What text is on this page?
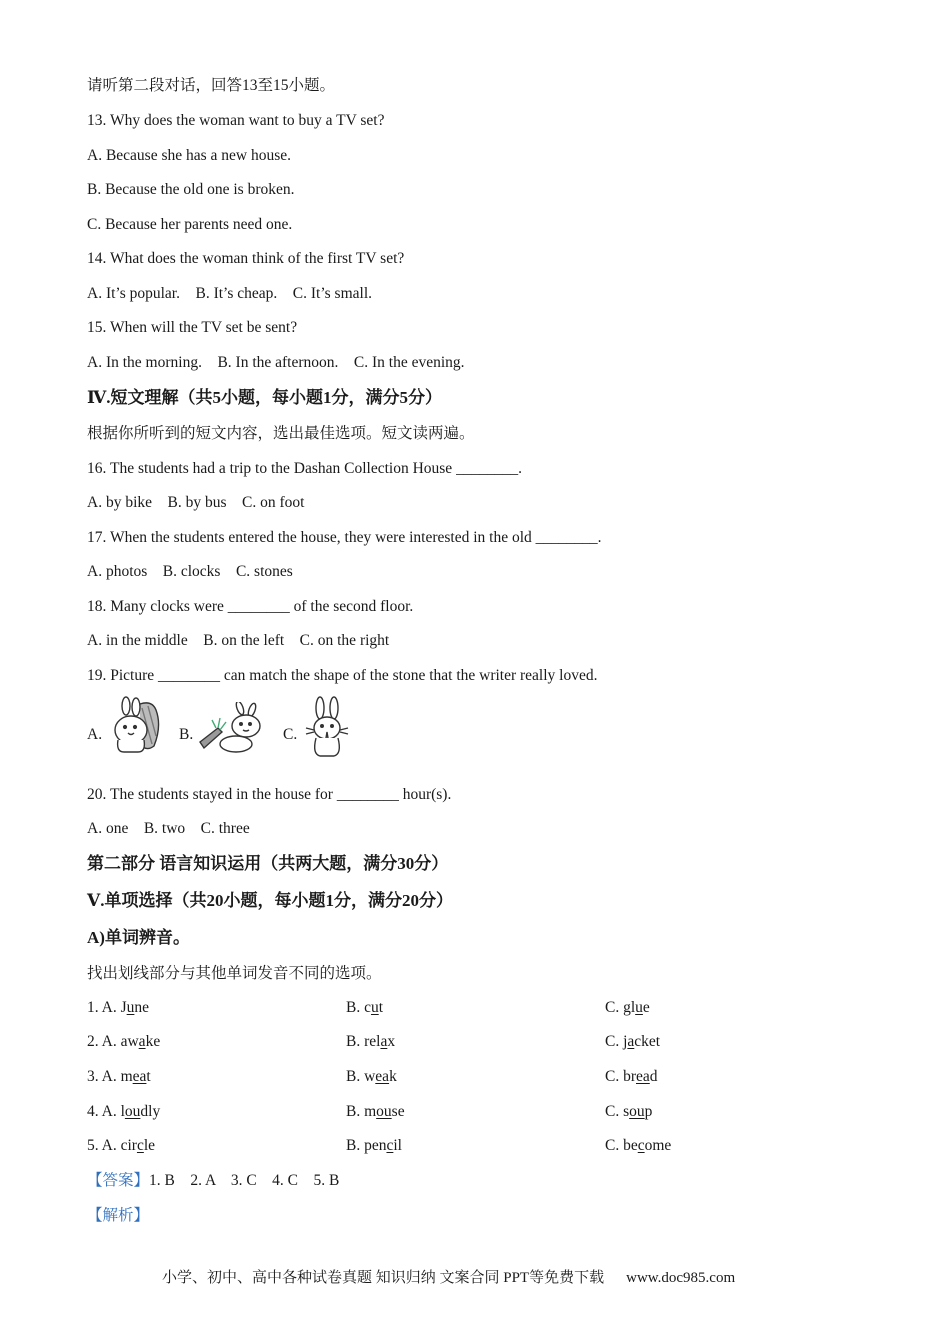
请听第二段对话，回答13至15小题。
13. Why does the woman want to buy a TV set?
A. Because she has a new house.
B. Because the old one is broken.
C. Because her parents need one.
14. What does the woman think of the first TV set?
A. It’s popular.    B. It’s cheap.    C. It’s small.
15. When will the TV set be sent?
A. In the morning.    B. In the afternoon.    C. In the evening.
Ⅳ.短文理解（共5小题，每小题1分，满分5分）
根据你所听到的短文内容，选出最佳选项。短文读两遍。
16. The students had a trip to the Dashan Collection House ________.
A. by bike    B. by bus    C. on foot
17. When the students entered the house, they were interested in the old ________.
A. photos    B. clocks    C. stones
18. Many clocks were ________ of the second floor.
A. in the middle    B. on the left    C. on the right
19. Picture ________ can match the shape of the stone that the writer really loved.
A.	B.	C.
20. The students stayed in the house for ________ hour(s).
A. one    B. two    C. three
第二部分 语言知识运用（共两大题，满分30分）
Ⅴ.单项选择（共20小题，每小题1分，满分20分）
A)单词辨音。
找出划线部分与其他单词发音不同的选项。
1. A. June	B. cut	C. glue
2. A. awake	B. relax	C. jacket
3. A. meat	B. weak	C. bread
4. A. loudly	B. mouse	C. soup
5. A. circle	B. pencil	C. become
【答案】1. B    2. A    3. C    4. C    5. B
【解析】
小学、初中、高中各种试卷真题 知识归纳 文案合同 PPT等免费下载 www.doc985.com
